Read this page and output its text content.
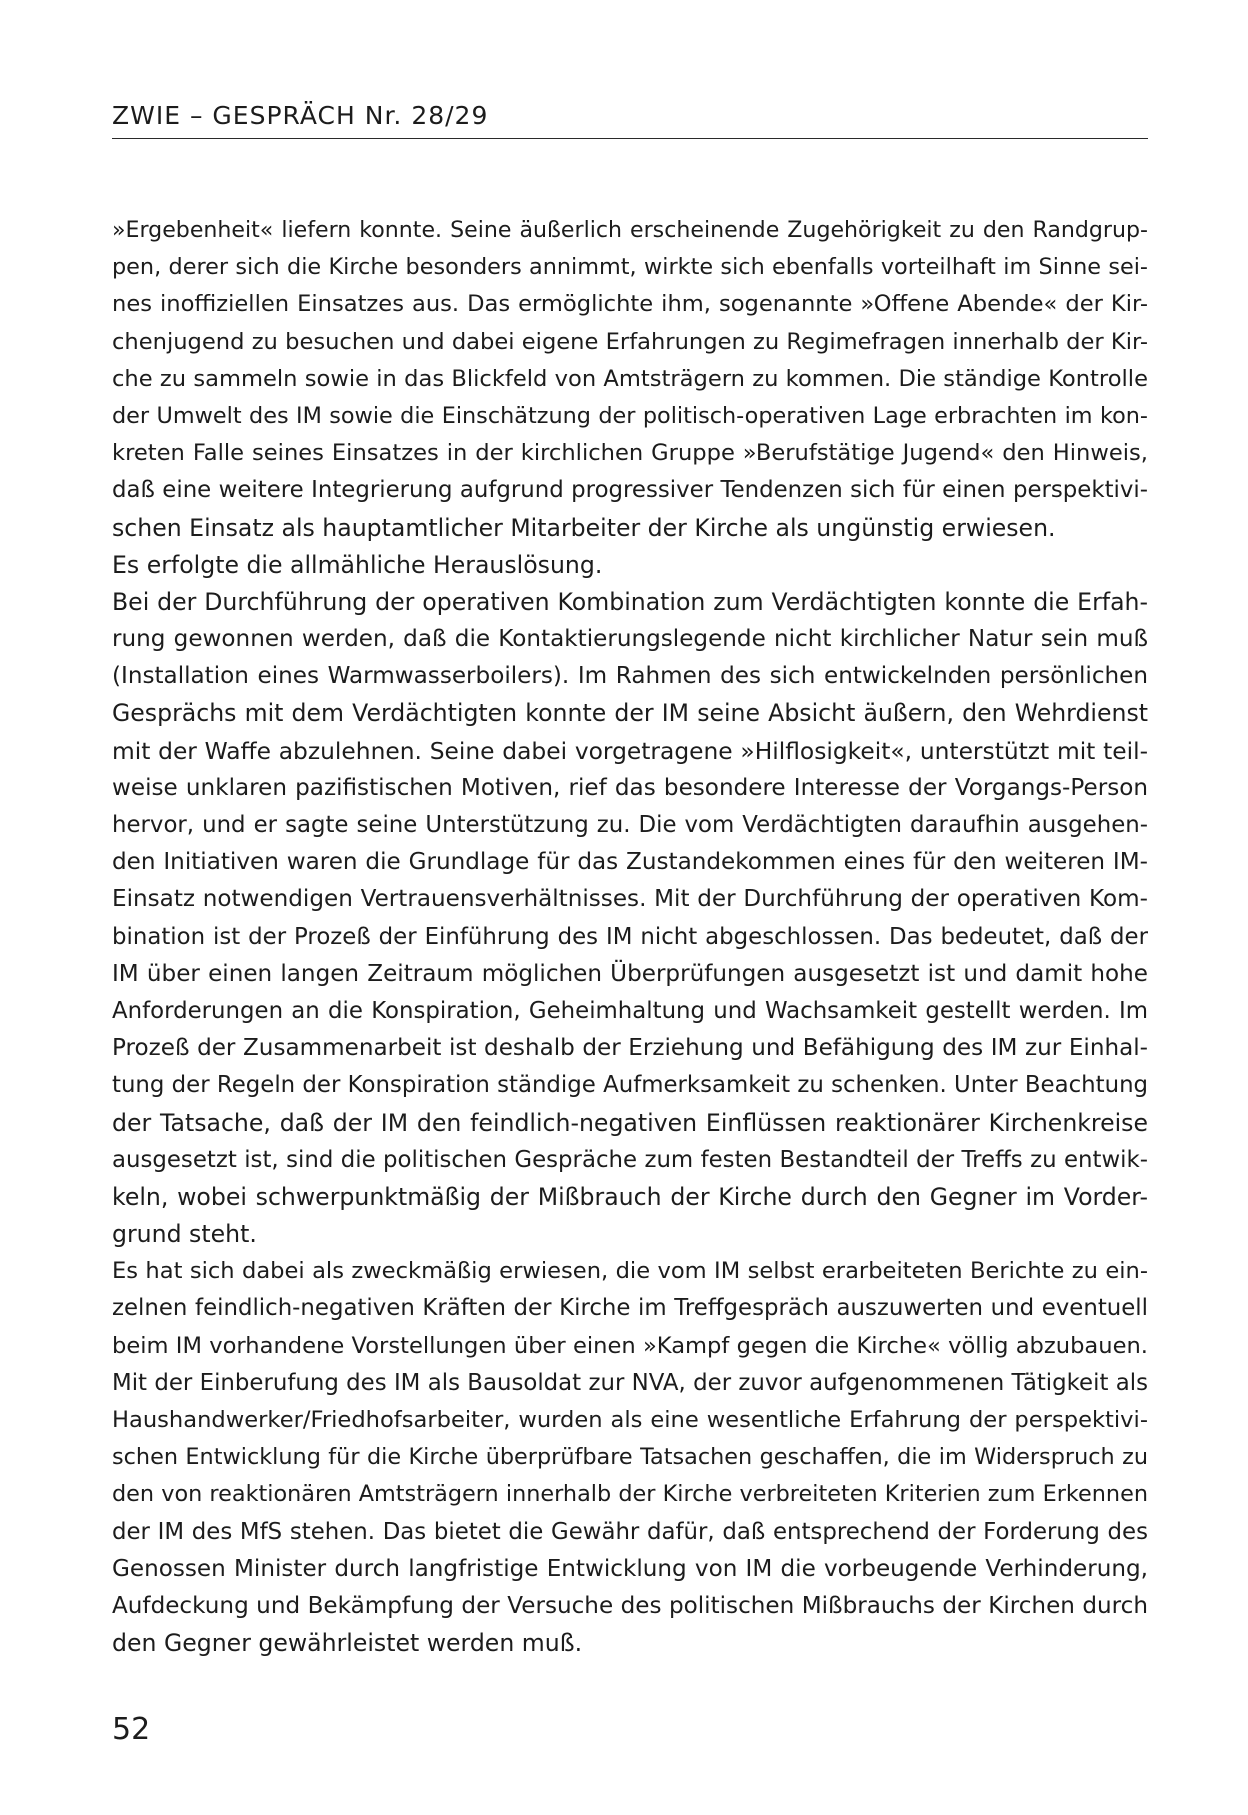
ZWIE – GESPRÄCH Nr. 28/29
»Ergebenheit« liefern konnte. Seine äußerlich erscheinende Zugehörigkeit zu den Randgrup-
pen, derer sich die Kirche besonders annimmt, wirkte sich ebenfalls vorteilhaft im Sinne sei-
nes inoffiziellen Einsatzes aus. Das ermöglichte ihm, sogenannte »Offene Abende« der Kir-
chenjugend zu besuchen und dabei eigene Erfahrungen zu Regimefragen innerhalb der Kir-
che zu sammeln sowie in das Blickfeld von Amtsträgern zu kommen. Die ständige Kontrolle
der Umwelt des IM sowie die Einschätzung der politisch-operativen Lage erbrachten im kon-
kreten Falle seines Einsatzes in der kirchlichen Gruppe »Berufstätige Jugend« den Hinweis,
daß eine weitere Integrierung aufgrund progressiver Tendenzen sich für einen perspektivi-
schen Einsatz als hauptamtlicher Mitarbeiter der Kirche als ungünstig erwiesen.
Es erfolgte die allmähliche Herauslösung.
Bei der Durchführung der operativen Kombination zum Verdächtigten konnte die Erfah-
rung gewonnen werden, daß die Kontaktierungslegende nicht kirchlicher Natur sein muß
(Installation eines Warmwasserboilers). Im Rahmen des sich entwickelnden persönlichen
Gesprächs mit dem Verdächtigten konnte der IM seine Absicht äußern, den Wehrdienst
mit der Waffe abzulehnen. Seine dabei vorgetragene »Hilflosigkeit«, unterstützt mit teil-
weise unklaren pazifistischen Motiven, rief das besondere Interesse der Vorgangs-Person
hervor, und er sagte seine Unterstützung zu. Die vom Verdächtigten daraufhin ausgehen-
den Initiativen waren die Grundlage für das Zustandekommen eines für den weiteren IM-
Einsatz notwendigen Vertrauensverhältnisses. Mit der Durchführung der operativen Kom-
bination ist der Prozeß der Einführung des IM nicht abgeschlossen. Das bedeutet, daß der
IM über einen langen Zeitraum möglichen Überprüfungen ausgesetzt ist und damit hohe
Anforderungen an die Konspiration, Geheimhaltung und Wachsamkeit gestellt werden. Im
Prozeß der Zusammenarbeit ist deshalb der Erziehung und Befähigung des IM zur Einhal-
tung der Regeln der Konspiration ständige Aufmerksamkeit zu schenken. Unter Beachtung
der Tatsache, daß der IM den feindlich-negativen Einflüssen reaktionärer Kirchenkreise
ausgesetzt ist, sind die politischen Gespräche zum festen Bestandteil der Treffs zu entwik-
keln, wobei schwerpunktmäßig der Mißbrauch der Kirche durch den Gegner im Vorder-
grund steht.
Es hat sich dabei als zweckmäßig erwiesen, die vom IM selbst erarbeiteten Berichte zu ein-
zelnen feindlich-negativen Kräften der Kirche im Treffgespräch auszuwerten und eventuell
beim IM vorhandene Vorstellungen über einen »Kampf gegen die Kirche« völlig abzubauen.
Mit der Einberufung des IM als Bausoldat zur NVA, der zuvor aufgenommenen Tätigkeit als
Haushandwerker/Friedhofsarbeiter, wurden als eine wesentliche Erfahrung der perspektivi-
schen Entwicklung für die Kirche überprüfbare Tatsachen geschaffen, die im Widerspruch zu
den von reaktionären Amtsträgern innerhalb der Kirche verbreiteten Kriterien zum Erkennen
der IM des MfS stehen. Das bietet die Gewähr dafür, daß entsprechend der Forderung des
Genossen Minister durch langfristige Entwicklung von IM die vorbeugende Verhinderung,
Aufdeckung und Bekämpfung der Versuche des politischen Mißbrauchs der Kirchen durch
den Gegner gewährleistet werden muß.
52
